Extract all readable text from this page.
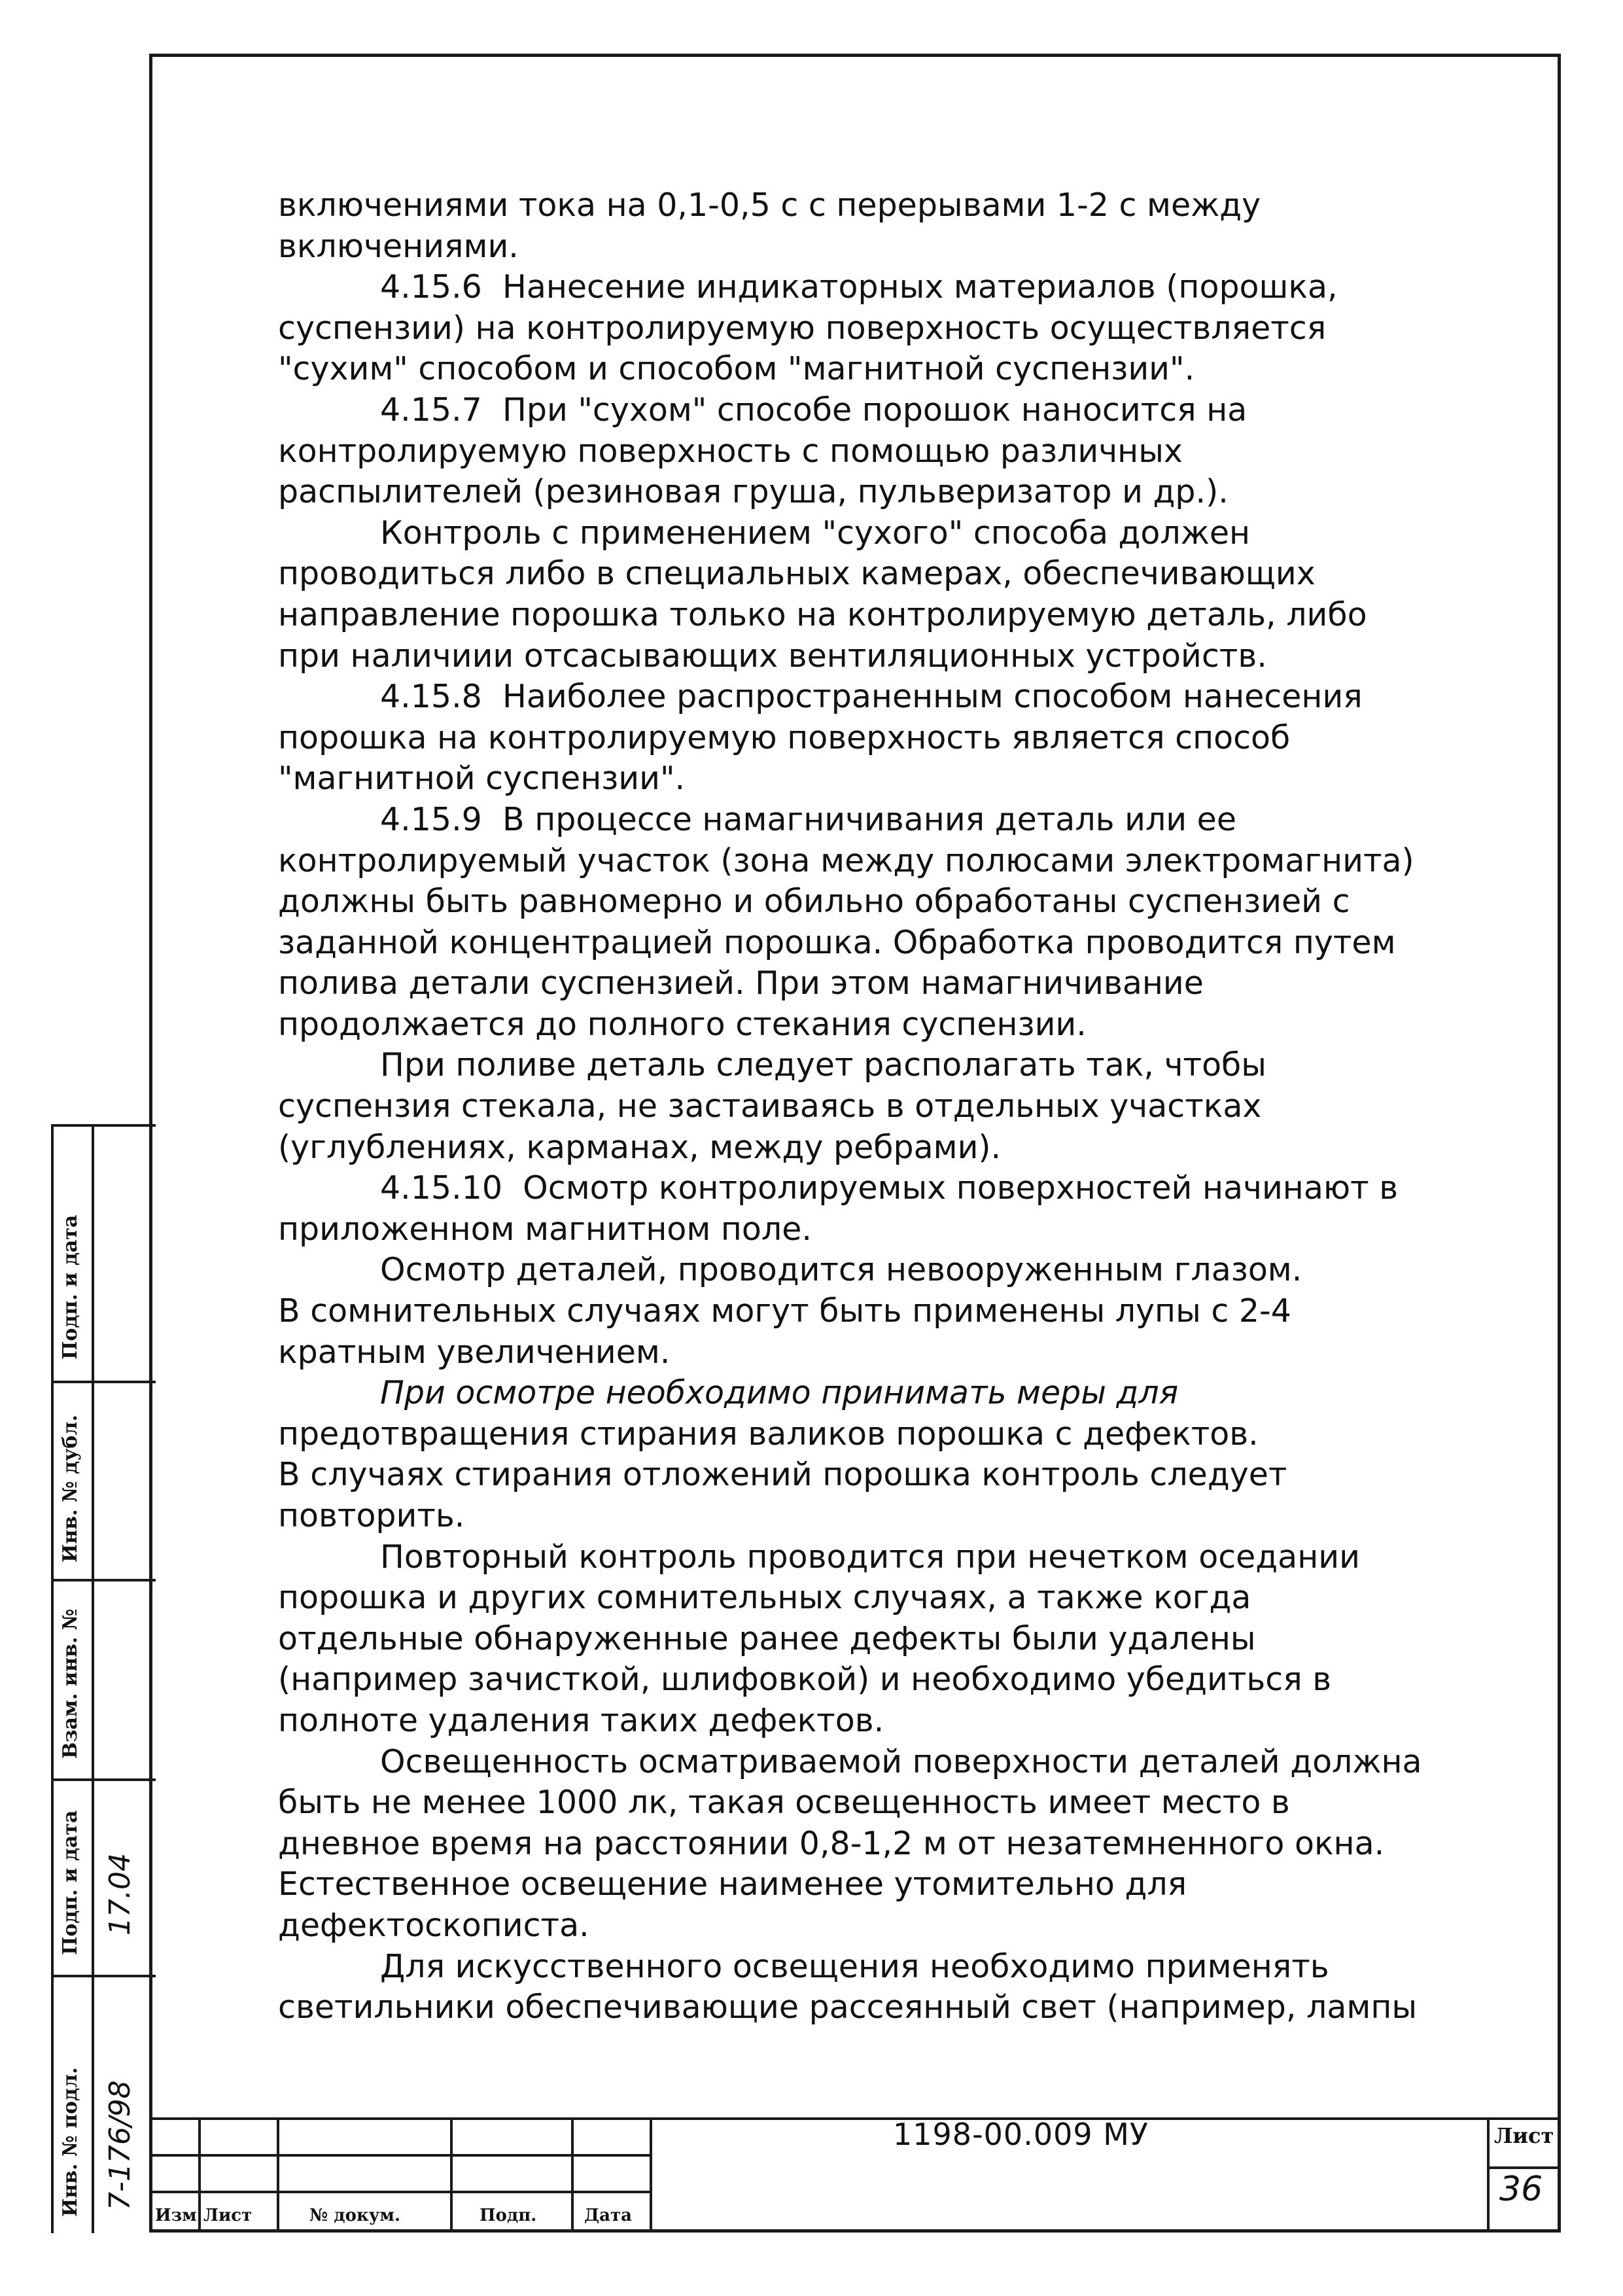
включениями тока на 0,1-0,5 с с перерывами 1-2 с между
включениями.
4.15.6  Нанесение индикаторных материалов (порошка,
суспензии) на контролируемую поверхность осуществляется
"сухим" способом и способом "магнитной суспензии".
4.15.7  При "сухом" способе порошок наносится на
контролируемую поверхность с помощью различных
распылителей (резиновая груша, пульверизатор и др.).
Контроль с применением "сухого" способа должен
проводиться либо в специальных камерах, обеспечивающих
направление порошка только на контролируемую деталь, либо
при наличиии отсасывающих вентиляционных устройств.
4.15.8  Наиболее распространенным способом нанесения
порошка на контролируемую поверхность является способ
"магнитной суспензии".
4.15.9  В процессе намагничивания деталь или ее
контролируемый участок (зона между полюсами электромагнита)
должны быть равномерно и обильно обработаны суспензией с
заданной концентрацией порошка. Обработка проводится путем
полива детали суспензией. При этом намагничивание
продолжается до полного стекания суспензии.
При поливе деталь следует располагать так, чтобы
суспензия стекала, не застаиваясь в отдельных участках
(углублениях, карманах, между ребрами).
4.15.10  Осмотр контролируемых поверхностей начинают в
приложенном магнитном поле.
Осмотр деталей, проводится невооруженным глазом.
В сомнительных случаях могут быть применены лупы с 2-4
кратным увеличением.
При осмотре необходимо принимать меры для
предотвращения стирания валиков порошка с дефектов.
В случаях стирания отложений порошка контроль следует
повторить.
Повторный контроль проводится при нечетком оседании
порошка и других сомнительных случаях, а также когда
отдельные обнаруженные ранее дефекты были удалены
(например зачисткой, шлифовкой) и необходимо убедиться в
полноте удаления таких дефектов.
Освещенность осматриваемой поверхности деталей должна
быть не менее 1000 лк, такая освещенность имеет место в
дневное время на расстоянии 0,8-1,2 м от незатемненного окна.
Естественное освещение наименее утомительно для
дефектоскописта.
Для искусственного освещения необходимо применять
светильники обеспечивающие рассеянный свет (например, лампы
Изм Лист	№ докум.	Подп.	Дата
1198-00.009 МУ	Лист
36
Инв. № подл.
Подп. и дата
Взам. инв. №
Инв. № дубл.
Подп. и дата
7-176/98
17.04
